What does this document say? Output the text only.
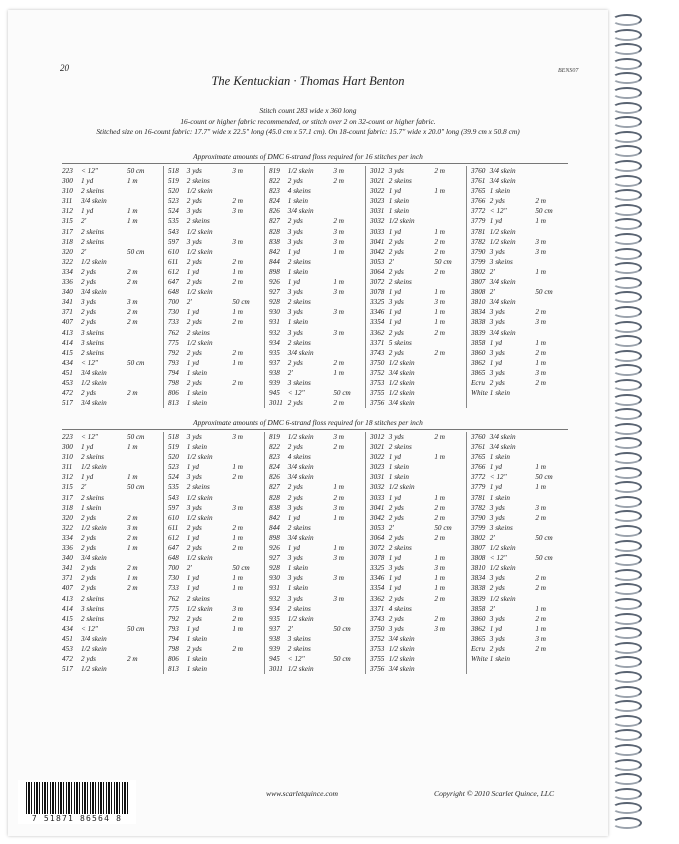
20	BENS07
The Kentuckian · Thomas Hart Benton
Stitch count 283 wide x 360 long
16-count or higher fabric recommended, or stitch over 2 on 32-count or higher fabric.
Stitched size on 16-count fabric: 17.7" wide x 22.5" long (45.0 cm x 57.1 cm). On 18-count fabric: 15.7" wide x 20.0" long (39.9 cm x 50.8 cm)
Approximate amounts of DMC 6-strand floss required for 16 stitches per inch
223	< 12"	50 cm
300	1 yd	1 m
310	2 skeins
311	3/4 skein
312	1 yd	1 m
315	2'	1 m
317	2 skeins
318	2 skeins
320	2'	50 cm
322	1/2 skein
334	2 yds	2 m
336	2 yds	2 m
340	3/4 skein
341	3 yds	3 m
371	2 yds	2 m
407	2 yds	2 m
413	3 skeins
414	3 skeins
415	2 skeins
434	< 12"	50 cm
451	3/4 skein
453	1/2 skein
472	2 yds	2 m
517	3/4 skein
518	3 yds	3 m
519	2 skeins
520	1/2 skein
523	2 yds	2 m
524	3 yds	3 m
535	2 skeins
543	1/2 skein
597	3 yds	3 m
610	1/2 skein
611	2 yds	2 m
612	1 yd	1 m
647	2 yds	2 m
648	1/2 skein
700	2'	50 cm
730	1 yd	1 m
733	2 yds	2 m
762	2 skeins
775	1/2 skein
792	2 yds	2 m
793	1 yd	1 m
794	1 skein
798	2 yds	2 m
806	1 skein
813	1 skein
819	1/2 skein	3 m
822	2 yds	2 m
823	4 skeins
824	1 skein
826	3/4 skein
827	2 yds	2 m
828	3 yds	3 m
838	3 yds	3 m
842	1 yd	1 m
844	2 skeins
898	1 skein
926	1 yd	1 m
927	3 yds	3 m
928	2 skeins
930	3 yds	3 m
931	1 skein
932	3 yds	3 m
934	2 skeins
935	3/4 skein
937	2 yds	2 m
938	2'	1 m
939	3 skeins
945	< 12"	50 cm
3011 2 yds	2 m
3012 3 yds	2 m
3021 2 skeins
3022 1 yd	1 m
3023 1 skein
3031 1 skein
3032 1/2 skein
3033 1 yd	1 m
3041 2 yds	2 m
3042 2 yds	2 m
3053 2'	50 cm
3064 2 yds	2 m
3072 2 skeins
3078 1 yd	1 m
3325 3 yds	3 m
3346 1 yd	1 m
3354 1 yd	1 m
3362 2 yds	2 m
3371 5 skeins
3743 2 yds	2 m
3750 1/2 skein
3752 3/4 skein
3753 1/2 skein
3755 1/2 skein
3756 3/4 skein
3760 3/4 skein
3761 3/4 skein
3765 1 skein
3766 2 yds	2 m
3772 < 12"	50 cm
3779 1 yd	1 m
3781 1/2 skein
3782 1/2 skein	3 m
3790 3 yds	3 m
3799 3 skeins
3802 2'	1 m
3807 3/4 skein
3808 2'	50 cm
3810 3/4 skein
3834 3 yds	2 m
3838 3 yds	3 m
3839 3/4 skein
3858 1 yd	1 m
3860 3 yds	2 m
3862 1 yd	1 m
3865 3 yds	3 m
Ecru 2 yds	2 m
White 1 skein
Approximate amounts of DMC 6-strand floss required for 18 stitches per inch
223	< 12"	50 cm
300	1 yd	1 m
310	2 skeins
311	1/2 skein
312	1 yd	1 m
315	2'	50 cm
317	2 skeins
318	1 skein
320	2 yds	2 m
322	1/2 skein	3 m
334	2 yds	2 m
336	2 yds	1 m
340	3/4 skein
341	2 yds	2 m
371	2 yds	1 m
407	2 yds	2 m
413	2 skeins
414	3 skeins
415	2 skeins
434	< 12"	50 cm
451	3/4 skein
453	1/2 skein
472	2 yds	2 m
517	1/2 skein
518	3 yds	3 m
519	1 skein
520	1/2 skein
523	1 yd	1 m
524	3 yds	2 m
535	2 skeins
543	1/2 skein
597	3 yds	3 m
610	1/2 skein
611	2 yds	2 m
612	1 yd	1 m
647	2 yds	2 m
648	1/2 skein
700	2'	50 cm
730	1 yd	1 m
733	1 yd	1 m
762	2 skeins
775	1/2 skein	3 m
792	2 yds	2 m
793	1 yd	1 m
794	1 skein
798	2 yds	2 m
806	1 skein
813	1 skein
819	1/2 skein	3 m
822	2 yds	2 m
823	4 skeins
824	3/4 skein
826	3/4 skein
827	2 yds	1 m
828	2 yds	2 m
838	3 yds	3 m
842	1 yd	1 m
844	2 skeins
898	3/4 skein
926	1 yd	1 m
927	3 yds	3 m
928	1 skein
930	3 yds	3 m
931	1 skein
932	3 yds	3 m
934	2 skeins
935	1/2 skein
937	2'	50 cm
938	3 skeins
939	2 skeins
945	< 12"	50 cm
3011 1/2 skein
3012 3 yds	2 m
3021 2 skeins
3022 1 yd	1 m
3023 1 skein
3031 1 skein
3032 1/2 skein
3033 1 yd	1 m
3041 2 yds	2 m
3042 2 yds	2 m
3053 2'	50 cm
3064 2 yds	2 m
3072 2 skeins
3078 1 yd	1 m
3325 3 yds	3 m
3346 1 yd	1 m
3354 1 yd	1 m
3362 2 yds	2 m
3371 4 skeins
3743 2 yds	2 m
3750 3 yds	3 m
3752 3/4 skein
3753 1/2 skein
3755 1/2 skein
3756 3/4 skein
3760 3/4 skein
3761 3/4 skein
3765 1 skein
3766 1 yd	1 m
3772 < 12"	50 cm
3779 1 yd	1 m
3781 1 skein
3782 3 yds	3 m
3790 3 yds	2 m
3799 3 skeins
3802 2'	50 cm
3807 1/2 skein
3808 < 12"	50 cm
3810 1/2 skein
3834 3 yds	2 m
3838 2 yds	2 m
3839 1/2 skein
3858 2'	1 m
3860 3 yds	2 m
3862 1 yd	1 m
3865 3 yds	3 m
Ecru 2 yds	2 m
White 1 skein
7 51871 86564 8
www.scarletquince.com	Copyright © 2010 Scarlet Quince, LLC
